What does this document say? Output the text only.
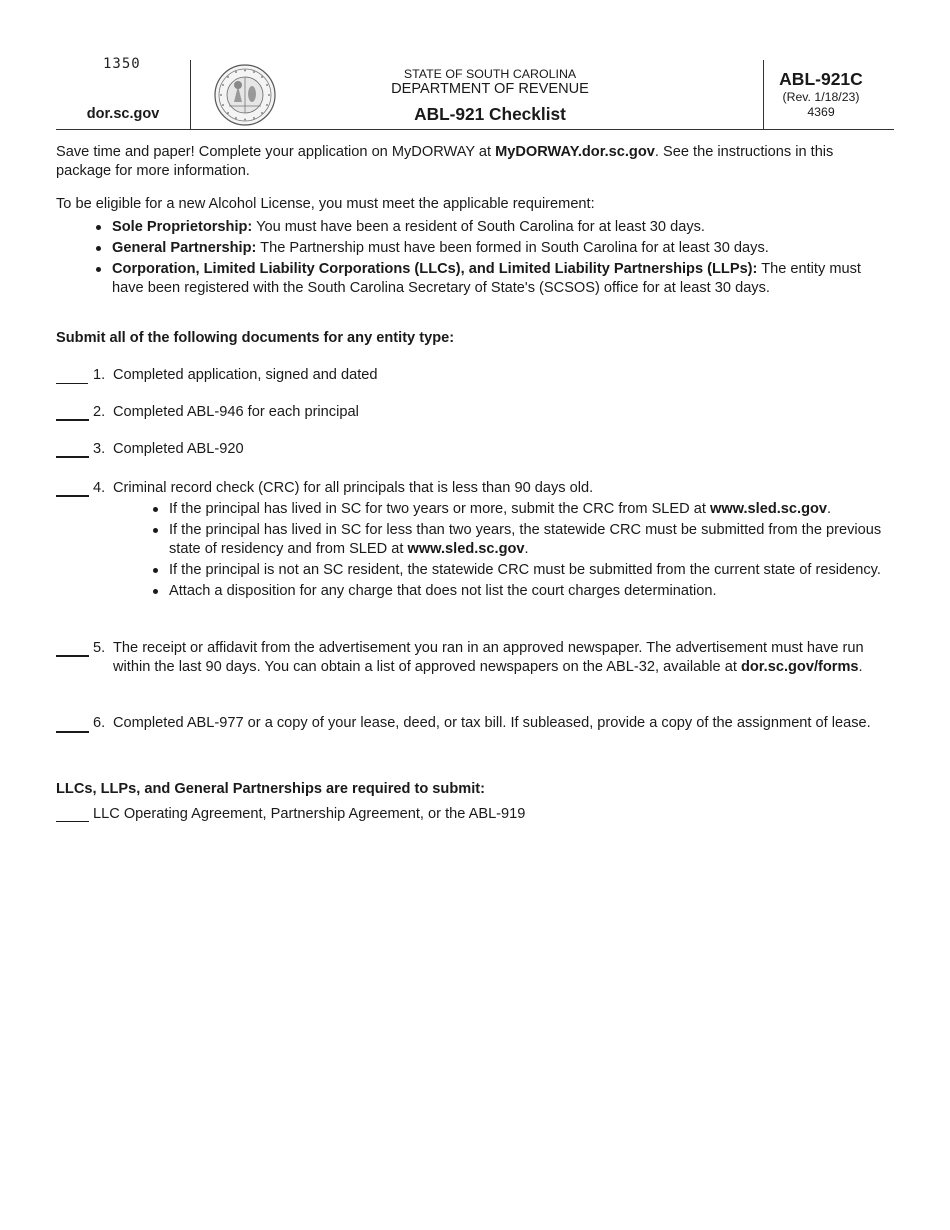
1350
dor.sc.gov
STATE OF SOUTH CAROLINA
DEPARTMENT OF REVENUE
ABL-921 Checklist
ABL-921C
(Rev. 1/18/23)
4369
Save time and paper! Complete your application on MyDORWAY at MyDORWAY.dor.sc.gov. See the instructions in this package for more information.
To be eligible for a new Alcohol License, you must meet the applicable requirement:
Sole Proprietorship: You must have been a resident of South Carolina for at least 30 days.
General Partnership: The Partnership must have been formed in South Carolina for at least 30 days.
Corporation, Limited Liability Corporations (LLCs), and Limited Liability Partnerships (LLPs): The entity must have been registered with the South Carolina Secretary of State's (SCSOS) office for at least 30 days.
Submit all of the following documents for any entity type:
1. Completed application, signed and dated
2. Completed ABL-946 for each principal
3. Completed ABL-920
4. Criminal record check (CRC) for all principals that is less than 90 days old.
If the principal has lived in SC for two years or more, submit the CRC from SLED at www.sled.sc.gov.
If the principal has lived in SC for less than two years, the statewide CRC must be submitted from the previous state of residency and from SLED at www.sled.sc.gov.
If the principal is not an SC resident, the statewide CRC must be submitted from the current state of residency.
Attach a disposition for any charge that does not list the court charges determination.
5. The receipt or affidavit from the advertisement you ran in an approved newspaper. The advertisement must have run within the last 90 days. You can obtain a list of approved newspapers on the ABL-32, available at dor.sc.gov/forms.
6. Completed ABL-977 or a copy of your lease, deed, or tax bill. If subleased, provide a copy of the assignment of lease.
LLCs, LLPs, and General Partnerships are required to submit:
LLC Operating Agreement, Partnership Agreement, or the ABL-919
